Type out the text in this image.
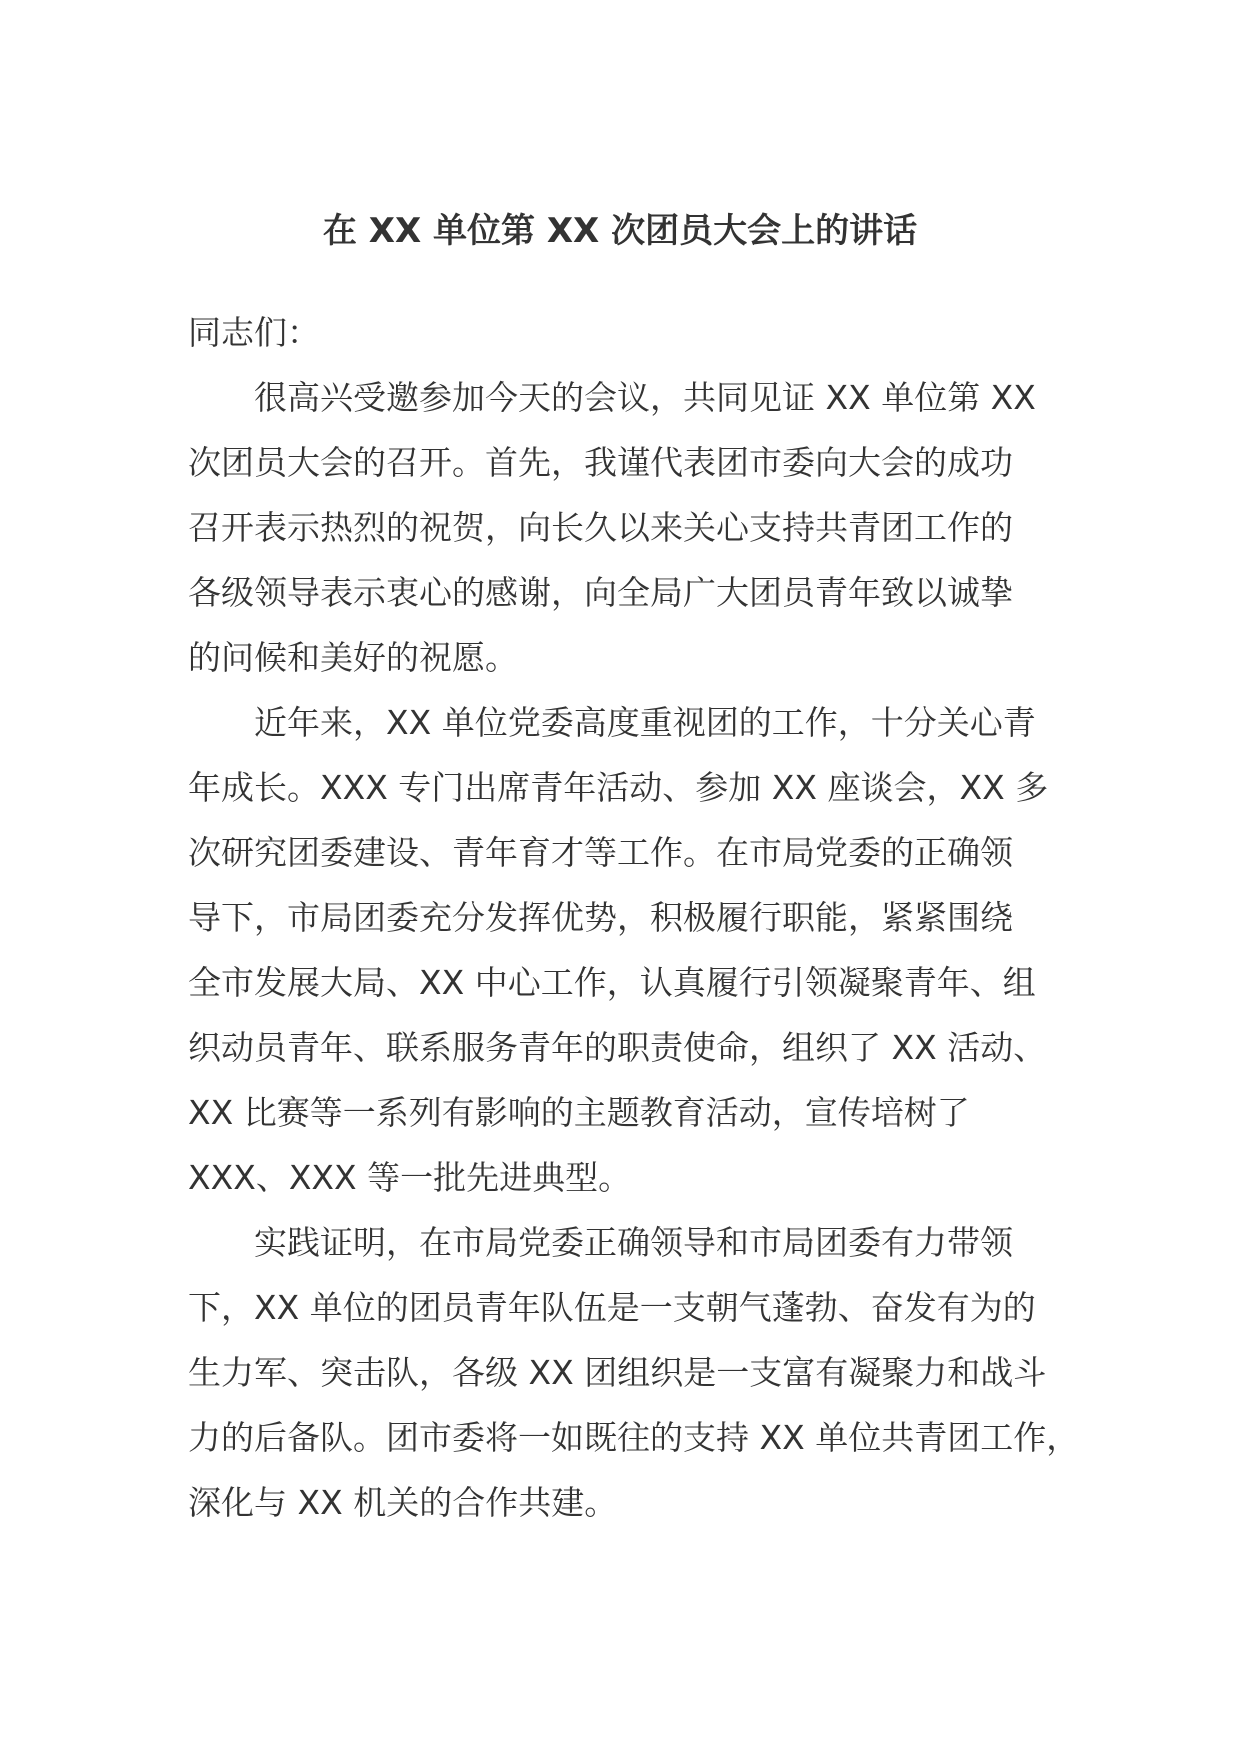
在 XX 单位第 XX 次团员大会上的讲话
同志们：
很高兴受邀参加今天的会议，共同见证 XX 单位第 XX
次团员大会的召开。首先，我谨代表团市委向大会的成功
召开表示热烈的祝贺，向长久以来关心支持共青团工作的
各级领导表示衷心的感谢，向全局广大团员青年致以诚挚
的问候和美好的祝愿。
近年来，XX 单位党委高度重视团的工作，十分关心青
年成长。XXX 专门出席青年活动、参加 XX 座谈会，XX 多
次研究团委建设、青年育才等工作。在市局党委的正确领
导下，市局团委充分发挥优势，积极履行职能，紧紧围绕
全市发展大局、XX 中心工作，认真履行引领凝聚青年、组
织动员青年、联系服务青年的职责使命，组织了 XX 活动、
XX 比赛等一系列有影响的主题教育活动，宣传培树了
XXX、XXX 等一批先进典型。
实践证明，在市局党委正确领导和市局团委有力带领
下，XX 单位的团员青年队伍是一支朝气蓬勃、奋发有为的
生力军、突击队，各级 XX 团组织是一支富有凝聚力和战斗
力的后备队。团市委将一如既往的支持 XX 单位共青团工作，
深化与 XX 机关的合作共建。
